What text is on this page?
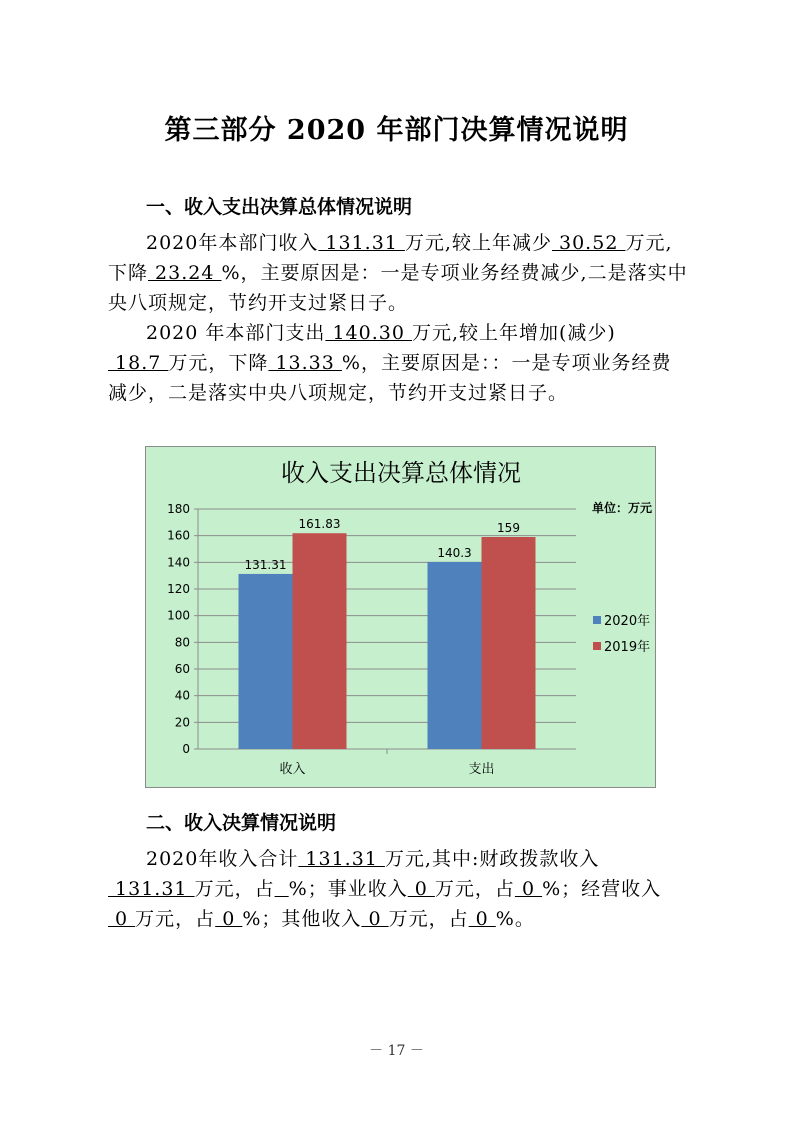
第三部分 2020 年部门决算情况说明
一、收入支出决算总体情况说明

2020年本部门收入 131.31 万元,较上年减少 30.52 万元,下降 23.24 %，主要原因是：一是专项业务经费减少,二是落实中央八项规定，节约开支过紧日子。

2020 年本部门支出 140.30 万元,较上年增加(减少) 18.7 万元，下降 13.33 %，主要原因是：：一是专项业务经费减少，二是落实中央八项规定，节约开支过紧日子。

收入支出决算总体情况
单位：万元
0
20
40
60
80
100
120
140
160
180
131.31
161.83
收入
140.3
159
支出
2020年
2019年
二、收入决算情况说明

2020年收入合计 131.31 万元,其中:财政拨款收入 131.31 万元，占 %；事业收入 0 万元，占 0 %；经营收入 0 万元，占 0 %；其他收入 0 万元，占 0 %。

－ 17 －
